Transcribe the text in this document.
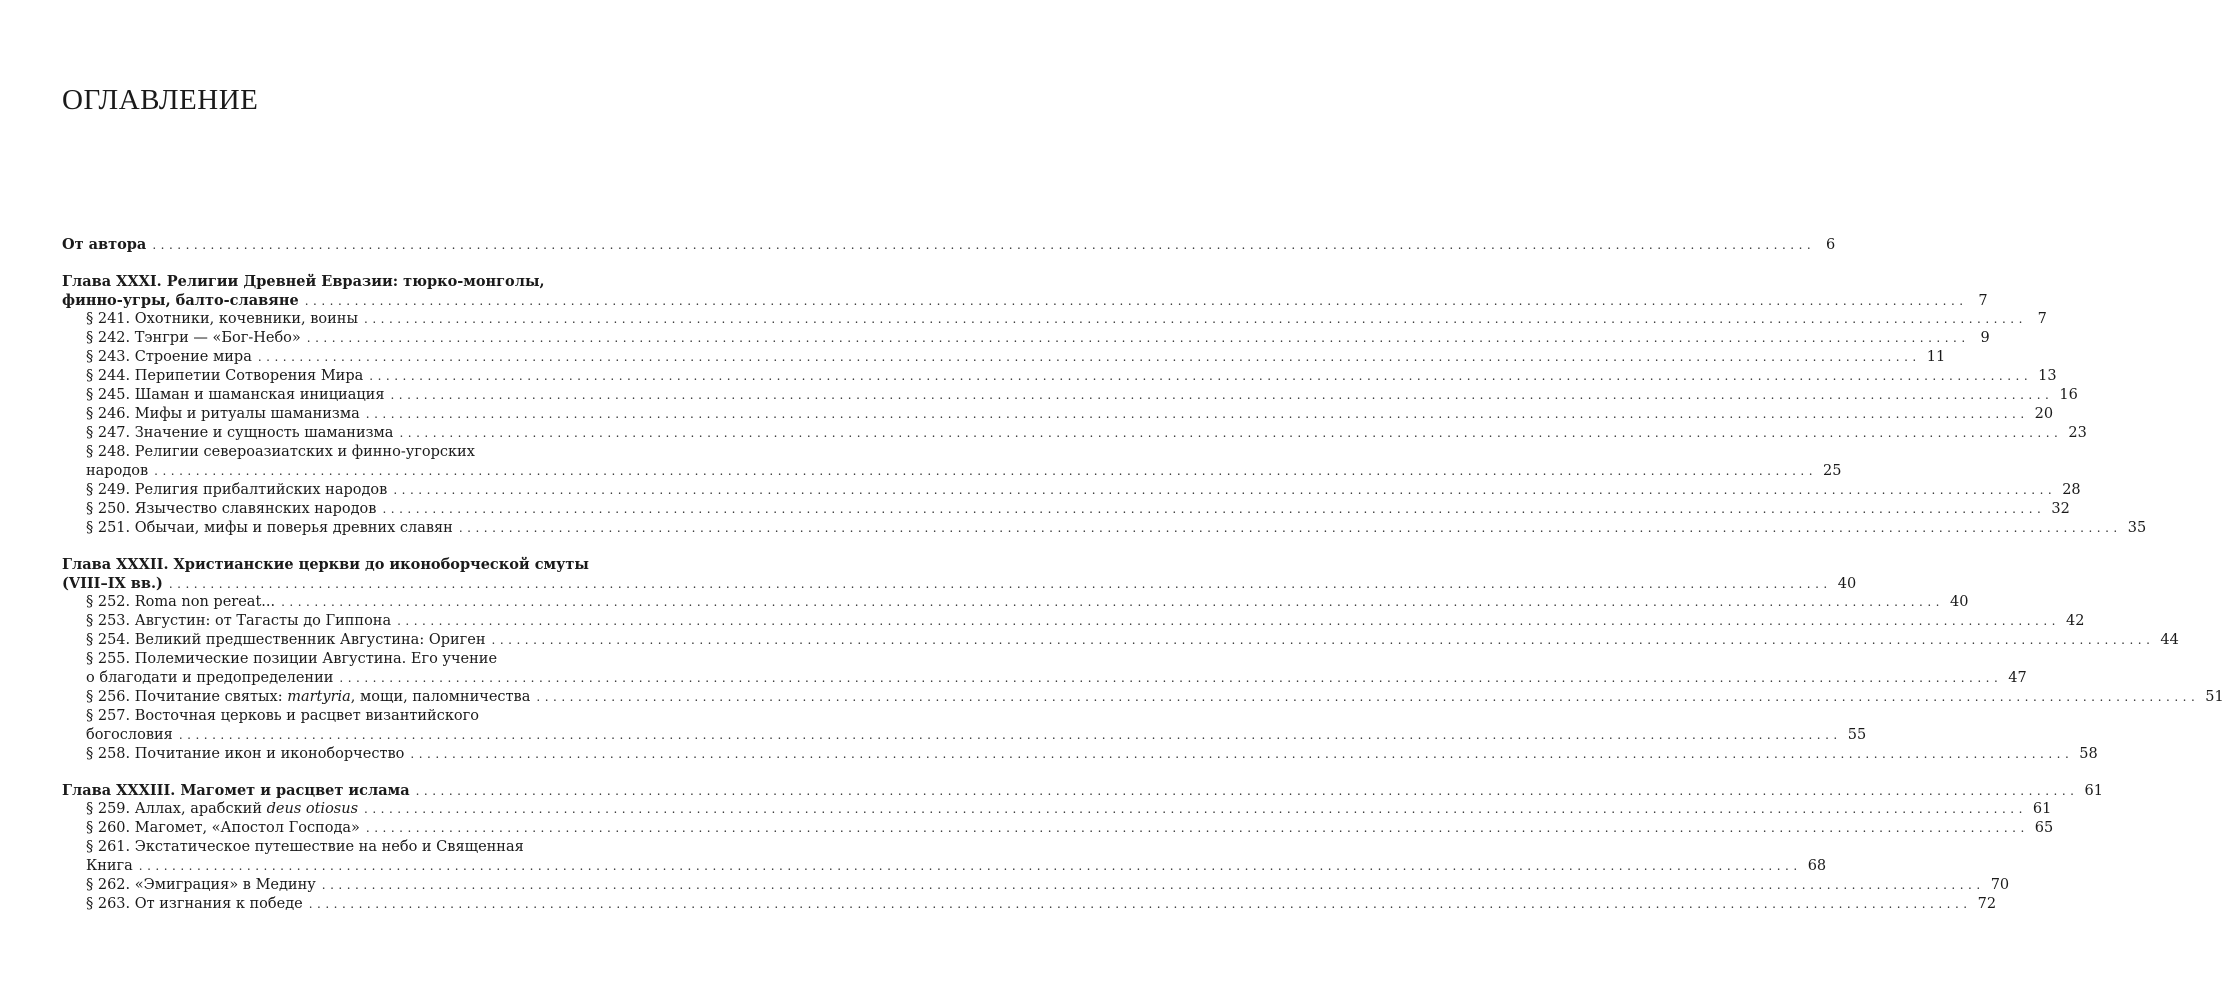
ОГЛАВЛЕНИЕ
От автора ........................................................................................................................................................................................................ 6
Глава XXXI. Религии Древней Евразии: тюрко-монголы,
финно-угры, балто-славяне ........................................................................................................................................................................................................ 7
§ 241. Охотники, кочевники, воины ........................................................................................................................................................................................................ 7
§ 242. Тэнгри — «Бог-Небо» ........................................................................................................................................................................................................ 9
§ 243. Строение мира ........................................................................................................................................................................................................ 11
§ 244. Перипетии Сотворения Мира ........................................................................................................................................................................................................ 13
§ 245. Шаман и шаманская инициация ........................................................................................................................................................................................................ 16
§ 246. Мифы и ритуалы шаманизма ........................................................................................................................................................................................................ 20
§ 247. Значение и сущность шаманизма ........................................................................................................................................................................................................ 23
§ 248. Религии североазиатских и финно-угорских
народов ........................................................................................................................................................................................................ 25
§ 249. Религия прибалтийских народов ........................................................................................................................................................................................................ 28
§ 250. Язычество славянских народов ........................................................................................................................................................................................................ 32
§ 251. Обычаи, мифы и поверья древних славян ........................................................................................................................................................................................................ 35
Глава XXXII. Христианские церкви до иконоборческой смуты
(VIII–IX вв.) ........................................................................................................................................................................................................ 40
§ 252. Roma non pereat... ........................................................................................................................................................................................................ 40
§ 253. Августин: от Тагасты до Гиппона ........................................................................................................................................................................................................ 42
§ 254. Великий предшественник Августина: Ориген ........................................................................................................................................................................................................ 44
§ 255. Полемические позиции Августина. Его учение
о благодати и предопределении ........................................................................................................................................................................................................ 47
§ 256. Почитание святых: martyria, мощи, паломничества ........................................................................................................................................................................................................ 51
§ 257. Восточная церковь и расцвет византийского
богословия ........................................................................................................................................................................................................ 55
§ 258. Почитание икон и иконоборчество ........................................................................................................................................................................................................ 58
Глава XXXIII. Магомет и расцвет ислама ........................................................................................................................................................................................................ 61
§ 259. Аллах, арабский deus otiosus ........................................................................................................................................................................................................ 61
§ 260. Магомет, «Апостол Господа» ........................................................................................................................................................................................................ 65
§ 261. Экстатическое путешествие на небо и Священная
Книга ........................................................................................................................................................................................................ 68
§ 262. «Эмиграция» в Медину ........................................................................................................................................................................................................ 70
§ 263. От изгнания к победе ........................................................................................................................................................................................................ 72
